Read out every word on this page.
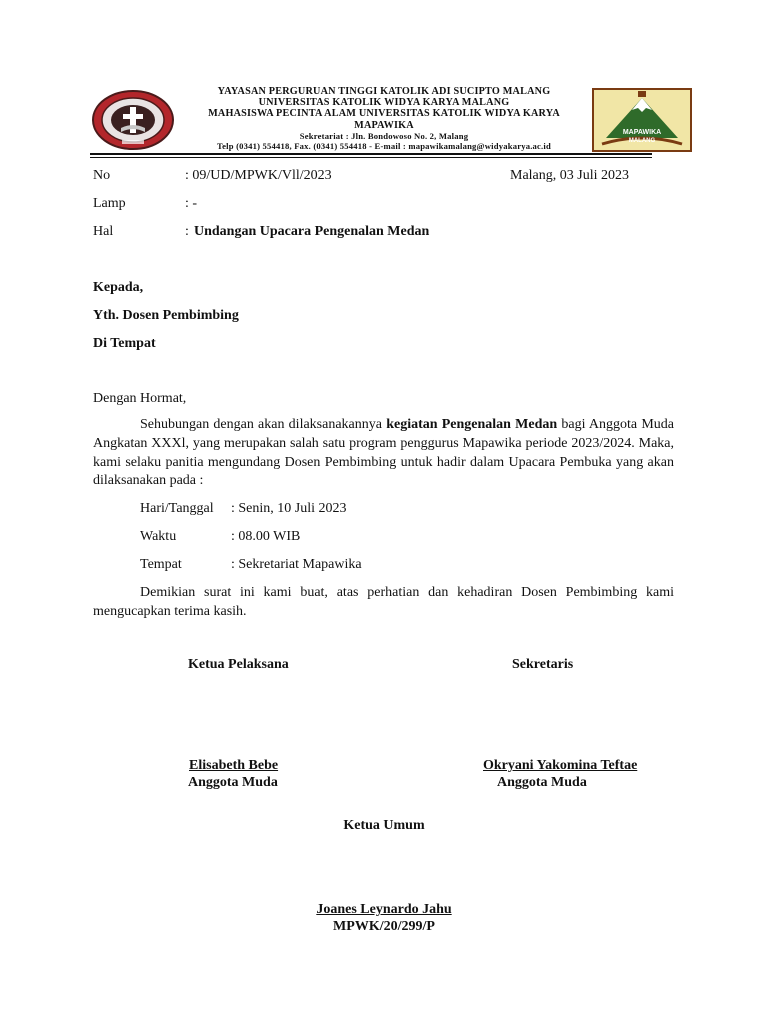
YAYASAN PERGURUAN TINGGI KATOLIK ADI SUCIPTO MALANG
UNIVERSITAS KATOLIK WIDYA KARYA MALANG
MAHASISWA PECINTA ALAM UNIVERSITAS KATOLIK WIDYA KARYA
MAPAWIKA
Sekretariat : Jln. Bondowoso No. 2, Malang
Telp (0341) 554418, Fax. (0341) 554418 - E-mail : mapawikamalang@widyakarya.ac.id
MAPAWIKA
MALANG
No	: 09/UD/MPWK/Vll/2023	Malang, 03 Juli 2023
Lamp	: -
Hal	: Undangan Upacara Pengenalan Medan
Kepada,
Yth. Dosen Pembimbing
Di Tempat
Dengan Hormat,
Sehubungan dengan akan dilaksanakannya kegiatan Pengenalan Medan bagi Anggota Muda Angkatan XXXl, yang merupakan salah satu program penggurus Mapawika periode 2023/2024. Maka, kami selaku panitia mengundang Dosen Pembimbing untuk hadir dalam Upacara Pembuka yang akan dilaksanakan pada :
Hari/Tanggal : Senin, 10 Juli 2023
Waktu	: 08.00 WIB
Tempat	: Sekretariat Mapawika
Demikian surat ini kami buat, atas perhatian dan kehadiran Dosen Pembimbing kami mengucapkan terima kasih.
Ketua Pelaksana	Sekretaris
Elisabeth Bebe
Anggota Muda
Okryani Yakomina Teftae
Anggota Muda
Ketua Umum
Joanes Leynardo Jahu
MPWK/20/299/P
